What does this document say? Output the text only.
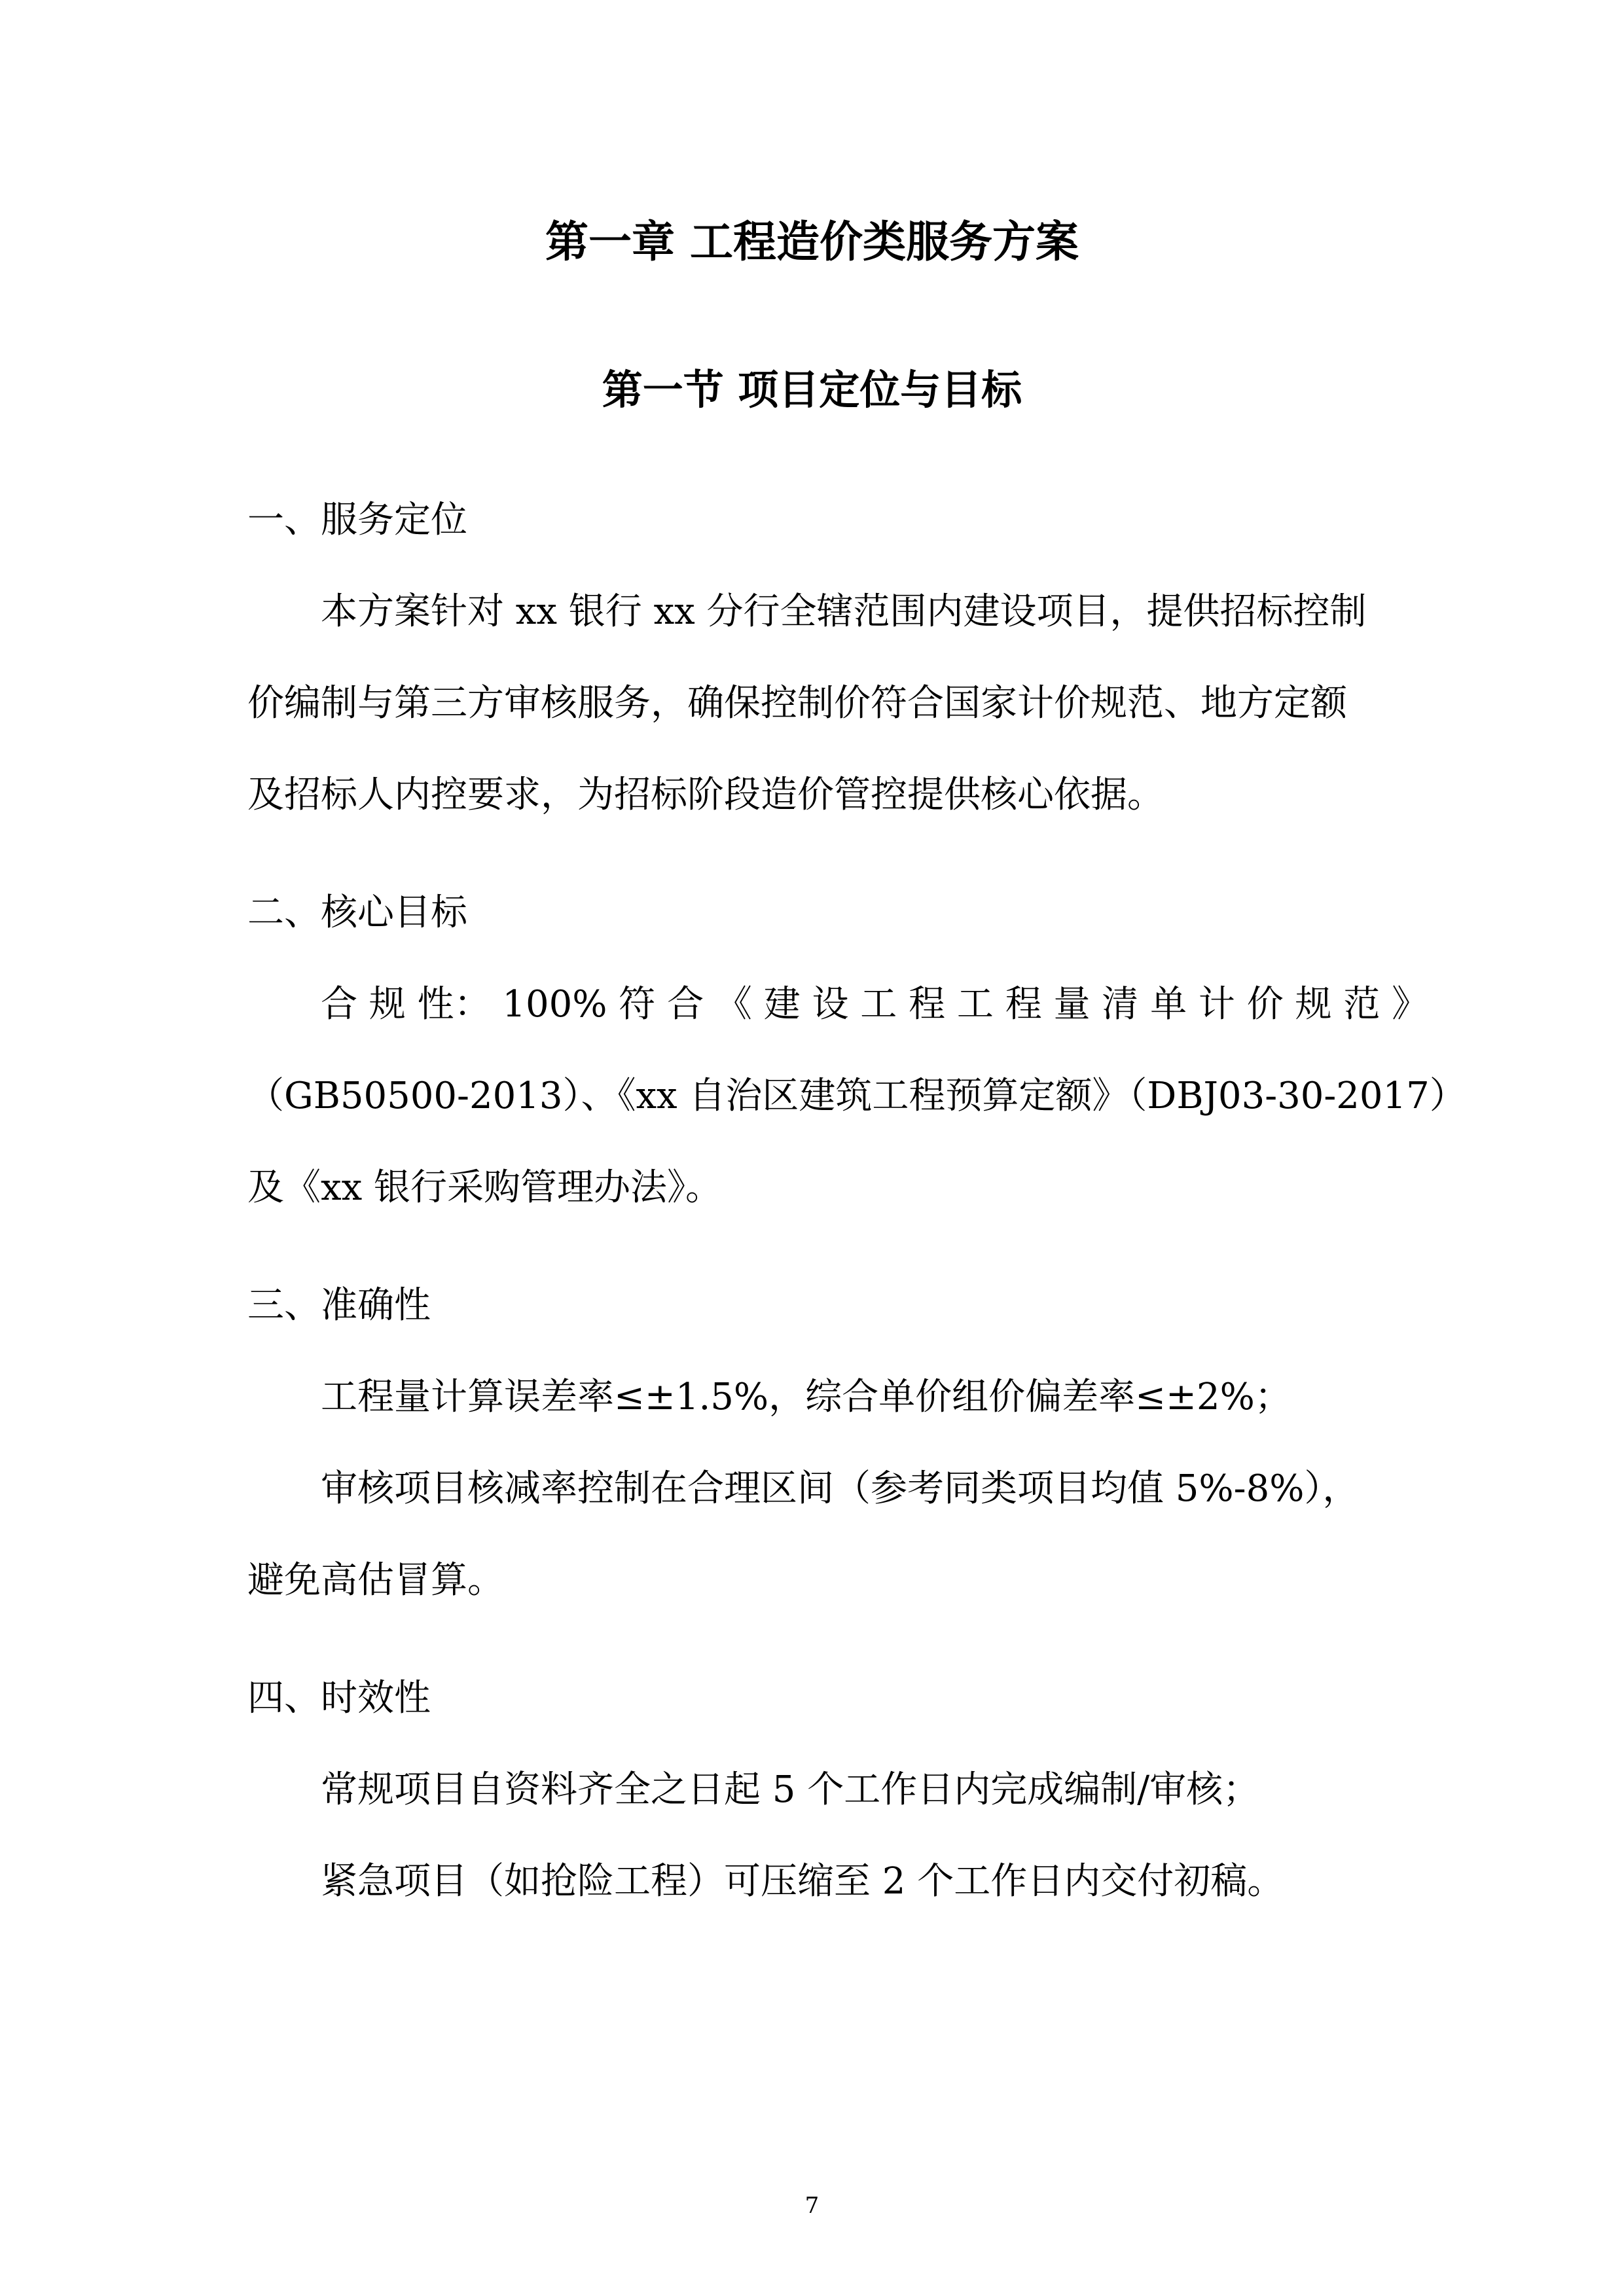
第一章 工程造价类服务方案
第一节 项目定位与目标
一、服务定位
本方案针对 xx 银行 xx 分行全辖范围内建设项目，提供招标控制
价编制与第三方审核服务，确保控制价符合国家计价规范、地方定额
及招标人内控要求，为招标阶段造价管控提供核心依据。
二、核心目标
合 规 性： 100% 符 合 《 建 设 工 程 工 程 量 清 单 计 价 规 范 》
（GB50500-2013）、《xx 自治区建筑工程预算定额》（DBJ03-30-2017）
及《xx 银行采购管理办法》。
三、准确性
工程量计算误差率≤±1.5%，综合单价组价偏差率≤±2%；
审核项目核减率控制在合理区间（参考同类项目均值 5%-8%），
避免高估冒算。
四、时效性
常规项目自资料齐全之日起 5 个工作日内完成编制/审核；
紧急项目（如抢险工程）可压缩至 2 个工作日内交付初稿。
7
